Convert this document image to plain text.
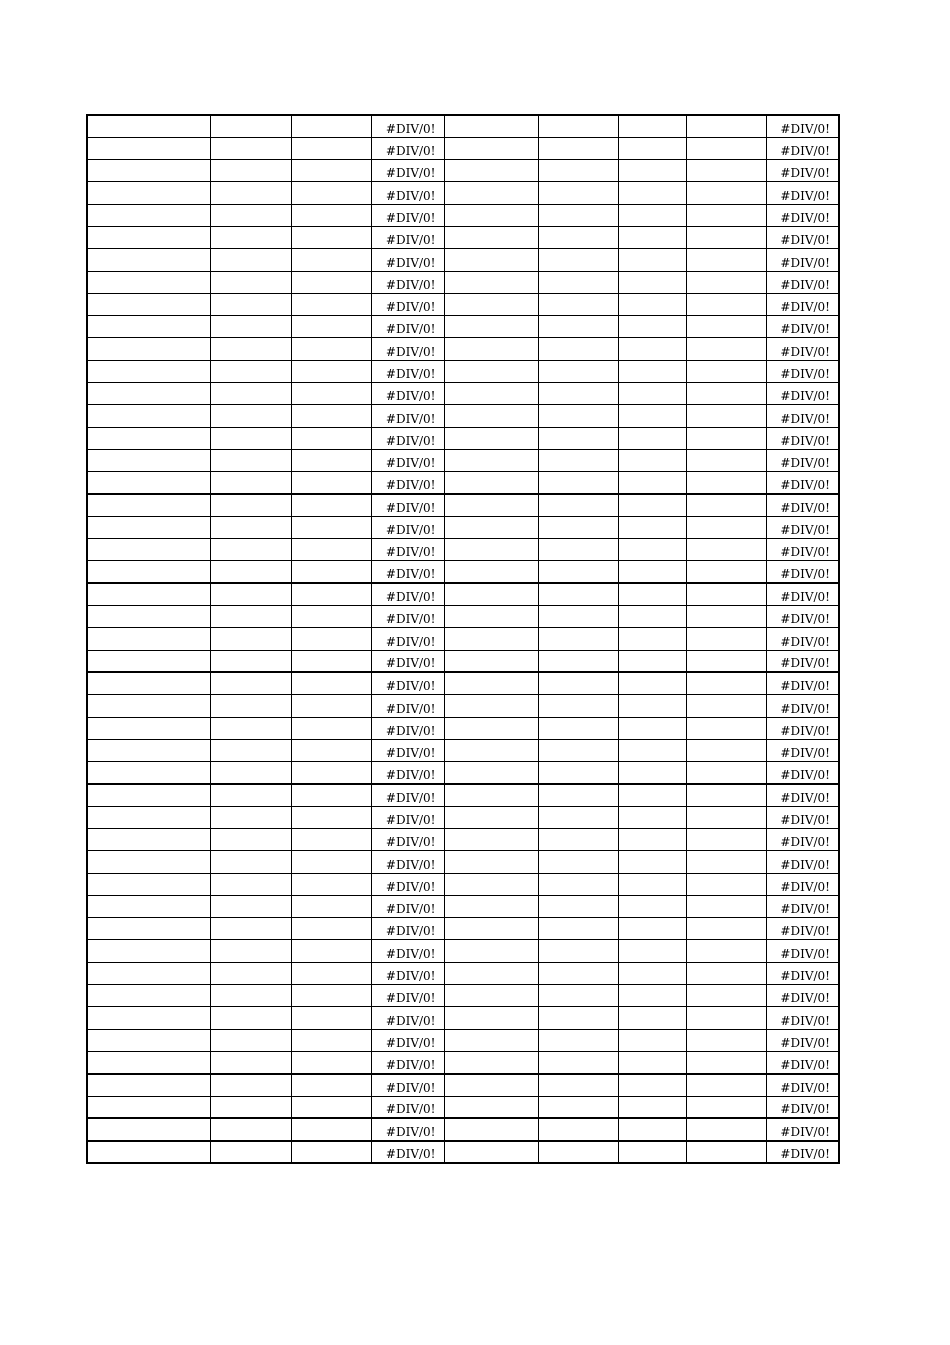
			#DIV/0!					#DIV/0!
			#DIV/0!					#DIV/0!
			#DIV/0!					#DIV/0!
			#DIV/0!					#DIV/0!
			#DIV/0!					#DIV/0!
			#DIV/0!					#DIV/0!
			#DIV/0!					#DIV/0!
			#DIV/0!					#DIV/0!
			#DIV/0!					#DIV/0!
			#DIV/0!					#DIV/0!
			#DIV/0!					#DIV/0!
			#DIV/0!					#DIV/0!
			#DIV/0!					#DIV/0!
			#DIV/0!					#DIV/0!
			#DIV/0!					#DIV/0!
			#DIV/0!					#DIV/0!
			#DIV/0!					#DIV/0!
			#DIV/0!					#DIV/0!
			#DIV/0!					#DIV/0!
			#DIV/0!					#DIV/0!
			#DIV/0!					#DIV/0!
			#DIV/0!					#DIV/0!
			#DIV/0!					#DIV/0!
			#DIV/0!					#DIV/0!
			#DIV/0!					#DIV/0!
			#DIV/0!					#DIV/0!
			#DIV/0!					#DIV/0!
			#DIV/0!					#DIV/0!
			#DIV/0!					#DIV/0!
			#DIV/0!					#DIV/0!
			#DIV/0!					#DIV/0!
			#DIV/0!					#DIV/0!
			#DIV/0!					#DIV/0!
			#DIV/0!					#DIV/0!
			#DIV/0!					#DIV/0!
			#DIV/0!					#DIV/0!
			#DIV/0!					#DIV/0!
			#DIV/0!					#DIV/0!
			#DIV/0!					#DIV/0!
			#DIV/0!					#DIV/0!
			#DIV/0!					#DIV/0!
			#DIV/0!					#DIV/0!
			#DIV/0!					#DIV/0!
			#DIV/0!					#DIV/0!
			#DIV/0!					#DIV/0!
			#DIV/0!					#DIV/0!
			#DIV/0!					#DIV/0!
